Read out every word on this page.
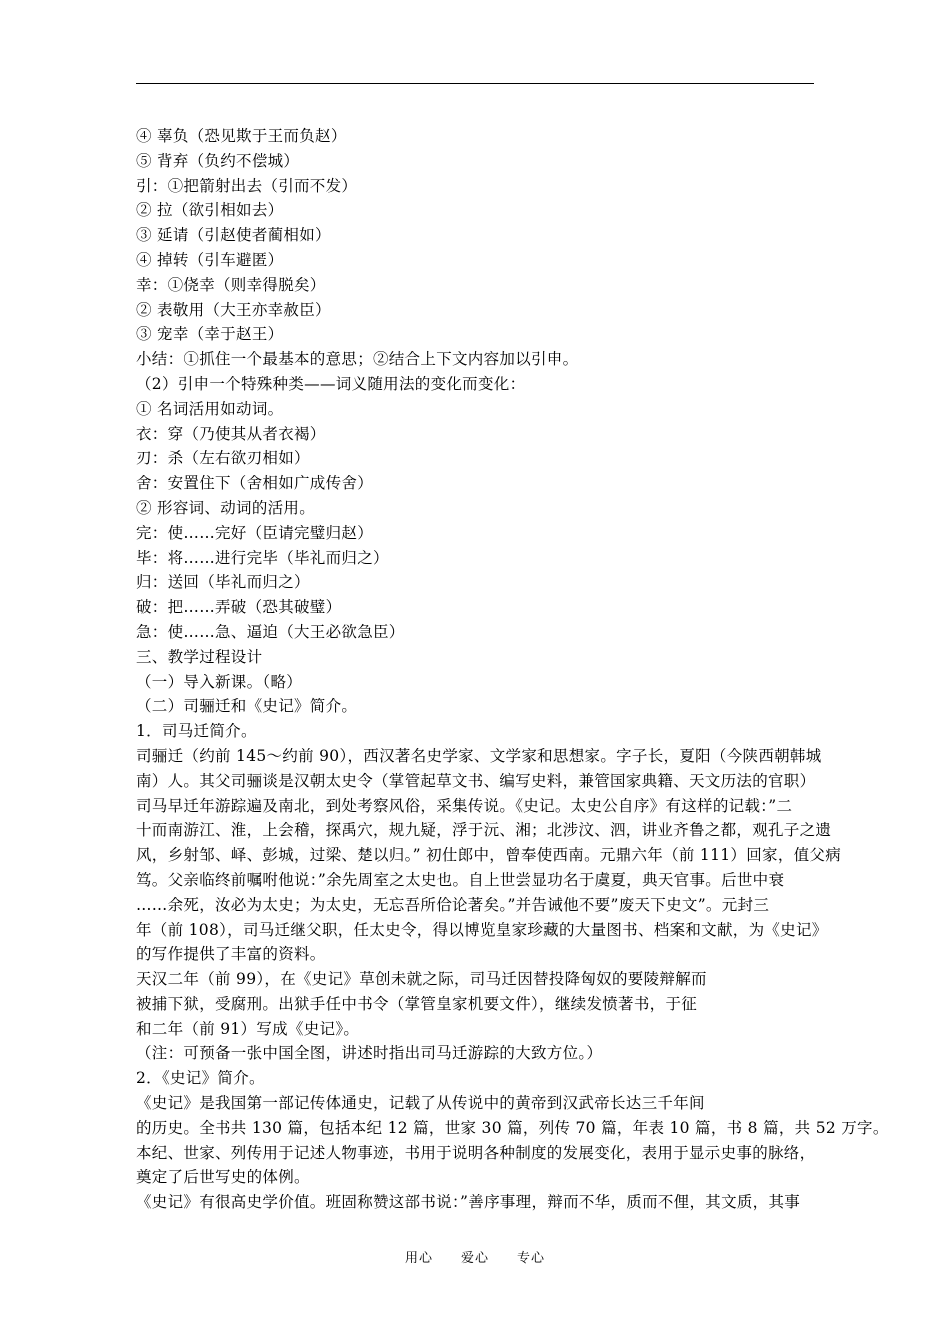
④ 辜负（恐见欺于王而负赵）
⑤ 背弃（负约不偿城）
引：①把箭射出去（引而不发）
② 拉（欲引相如去）
③ 延请（引赵使者蔺相如）
④ 掉转（引车避匿）
幸：①侥幸（则幸得脱矣）
② 表敬用（大王亦幸赦臣）
③ 宠幸（幸于赵王）
小结：①抓住一个最基本的意思；②结合上下文内容加以引申。
（2）引申一个特殊种类——词义随用法的变化而变化：
① 名词活用如动词。
衣：穿（乃使其从者衣褐）
刃：杀（左右欲刃相如）
舍：安置住下（舍相如广成传舍）
② 形容词、动词的活用。
完：使……完好（臣请完璧归赵）
毕：将……进行完毕（毕礼而归之）
归：送回（毕礼而归之）
破：把……弄破（恐其破璧）
急：使……急、逼迫（大王必欲急臣）
三、教学过程设计
（一）导入新课。（略）
（二）司骊迁和《史记》简介。
1．司马迁简介。
司骊迁（约前 145～约前 90），西汉著名史学家、文学家和思想家。字子长，夏阳（今陕西朝韩城
南）人。其父司骊谈是汉朝太史令（掌管起草文书、编写史料，兼管国家典籍、天文历法的官职）
司马早迁年游踪遍及南北，到处考察风俗，采集传说。《史记。太史公自序》有这样的记载：”二
十而南游江、淮，上会稽，探禹穴，规九疑，浮于沅、湘；北涉汶、泗，讲业齐鲁之都，观孔子之遗
风，乡射邹、峄、彭城，过梁、楚以归。” 初仕郎中，曾奉使西南。元鼎六年（前 111）回家，值父病
笃。父亲临终前嘱咐他说：”余先周室之太史也。自上世尝显功名于虞夏，典天官事。后世中衰
……余死，汝必为太史；为太史，无忘吾所佮论著矣。”并告诫他不要”废天下史文”。元封三
年（前 108），司马迁继父职，任太史令，得以博览皇家珍藏的大量图书、档案和文献，为《史记》
的写作提供了丰富的资料。
天汉二年（前 99），在《史记》草创未就之际，司马迁因替投降匈奴的要陵辩解而
被捕下狱，受腐刑。出狱手任中书令（掌管皇家机要文件），继续发愤著书，于征
和二年（前 91）写成《史记》。
（注：可预备一张中国全图，讲述时指出司马迁游踪的大致方位。）
2．《史记》简介。
《史记》是我国第一部记传体通史，记载了从传说中的黄帝到汉武帝长达三千年间
的历史。全书共 130 篇，包括本纪 12 篇，世家 30 篇，列传 70 篇，年表 10 篇，书 8 篇，共 52 万字。
本纪、世家、列传用于记述人物事迹，书用于说明各种制度的发展变化，表用于显示史事的脉络，
奠定了后世写史的体例。
《史记》有很高史学价值。班固称赞这部书说：”善序事理，辩而不华，质而不俚，其文质，其事
用心　　爱心　　专心
